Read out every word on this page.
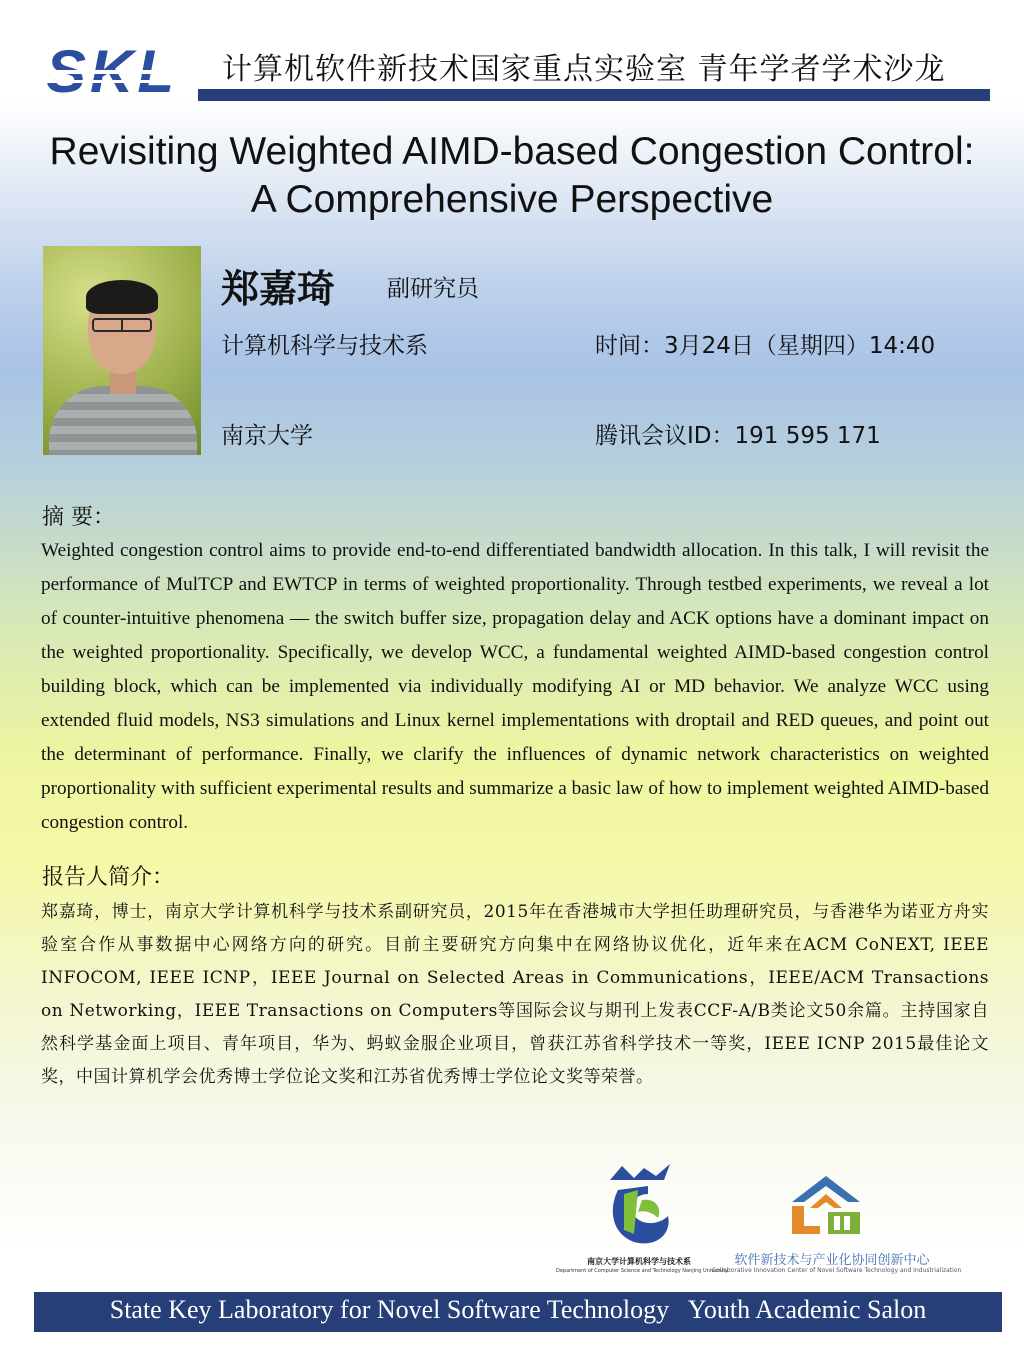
计算机软件新技术国家重点实验室 青年学者学术沙龙
Revisiting Weighted AIMD-based Congestion Control: A Comprehensive Perspective
郑嘉琦 副研究员
计算机科学与技术系
南京大学
时间：3月24日（星期四）14:40
腾讯会议ID：191 595 171
摘 要：
Weighted congestion control aims to provide end-to-end differentiated bandwidth allocation. In this talk, I will revisit the performance of MulTCP and EWTCP in terms of weighted proportionality. Through testbed experiments, we reveal a lot of counter-intuitive phenomena — the switch buffer size, propagation delay and ACK options have a dominant impact on the weighted proportionality. Specifically, we develop WCC, a fundamental weighted AIMD-based congestion control building block, which can be implemented via individually modifying AI or MD behavior. We analyze WCC using extended fluid models, NS3 simulations and Linux kernel implementations with droptail and RED queues, and point out the determinant of performance. Finally, we clarify the influences of dynamic network characteristics on weighted proportionality with sufficient experimental results and summarize a basic law of how to implement weighted AIMD-based congestion control.
报告人简介：
郑嘉琦，博士，南京大学计算机科学与技术系副研究员，2015年在香港城市大学担任助理研究员，与香港华为诺亚方舟实验室合作从事数据中心网络方向的研究。目前主要研究方向集中在网络协议优化，近年来在ACM CoNEXT, IEEE INFOCOM, IEEE ICNP，IEEE Journal on Selected Areas in Communications，IEEE/ACM Transactions on Networking，IEEE Transactions on Computers等国际会议与期刊上发表CCF-A/B类论文50余篇。主持国家自然科学基金面上项目、青年项目，华为、蚂蚁金服企业项目，曾获江苏省科学技术一等奖，IEEE ICNP 2015最佳论文奖，中国计算机学会优秀博士学位论文奖和江苏省优秀博士学位论文奖等荣誉。
南京大学计算机科学与技术系
Department of Computer Science and Technology Nanjing University
软件新技术与产业化协同创新中心
Collaborative Innovation Center of Novel Software Technology and Industrialization
State Key Laboratory for Novel Software Technology   Youth Academic Salon
